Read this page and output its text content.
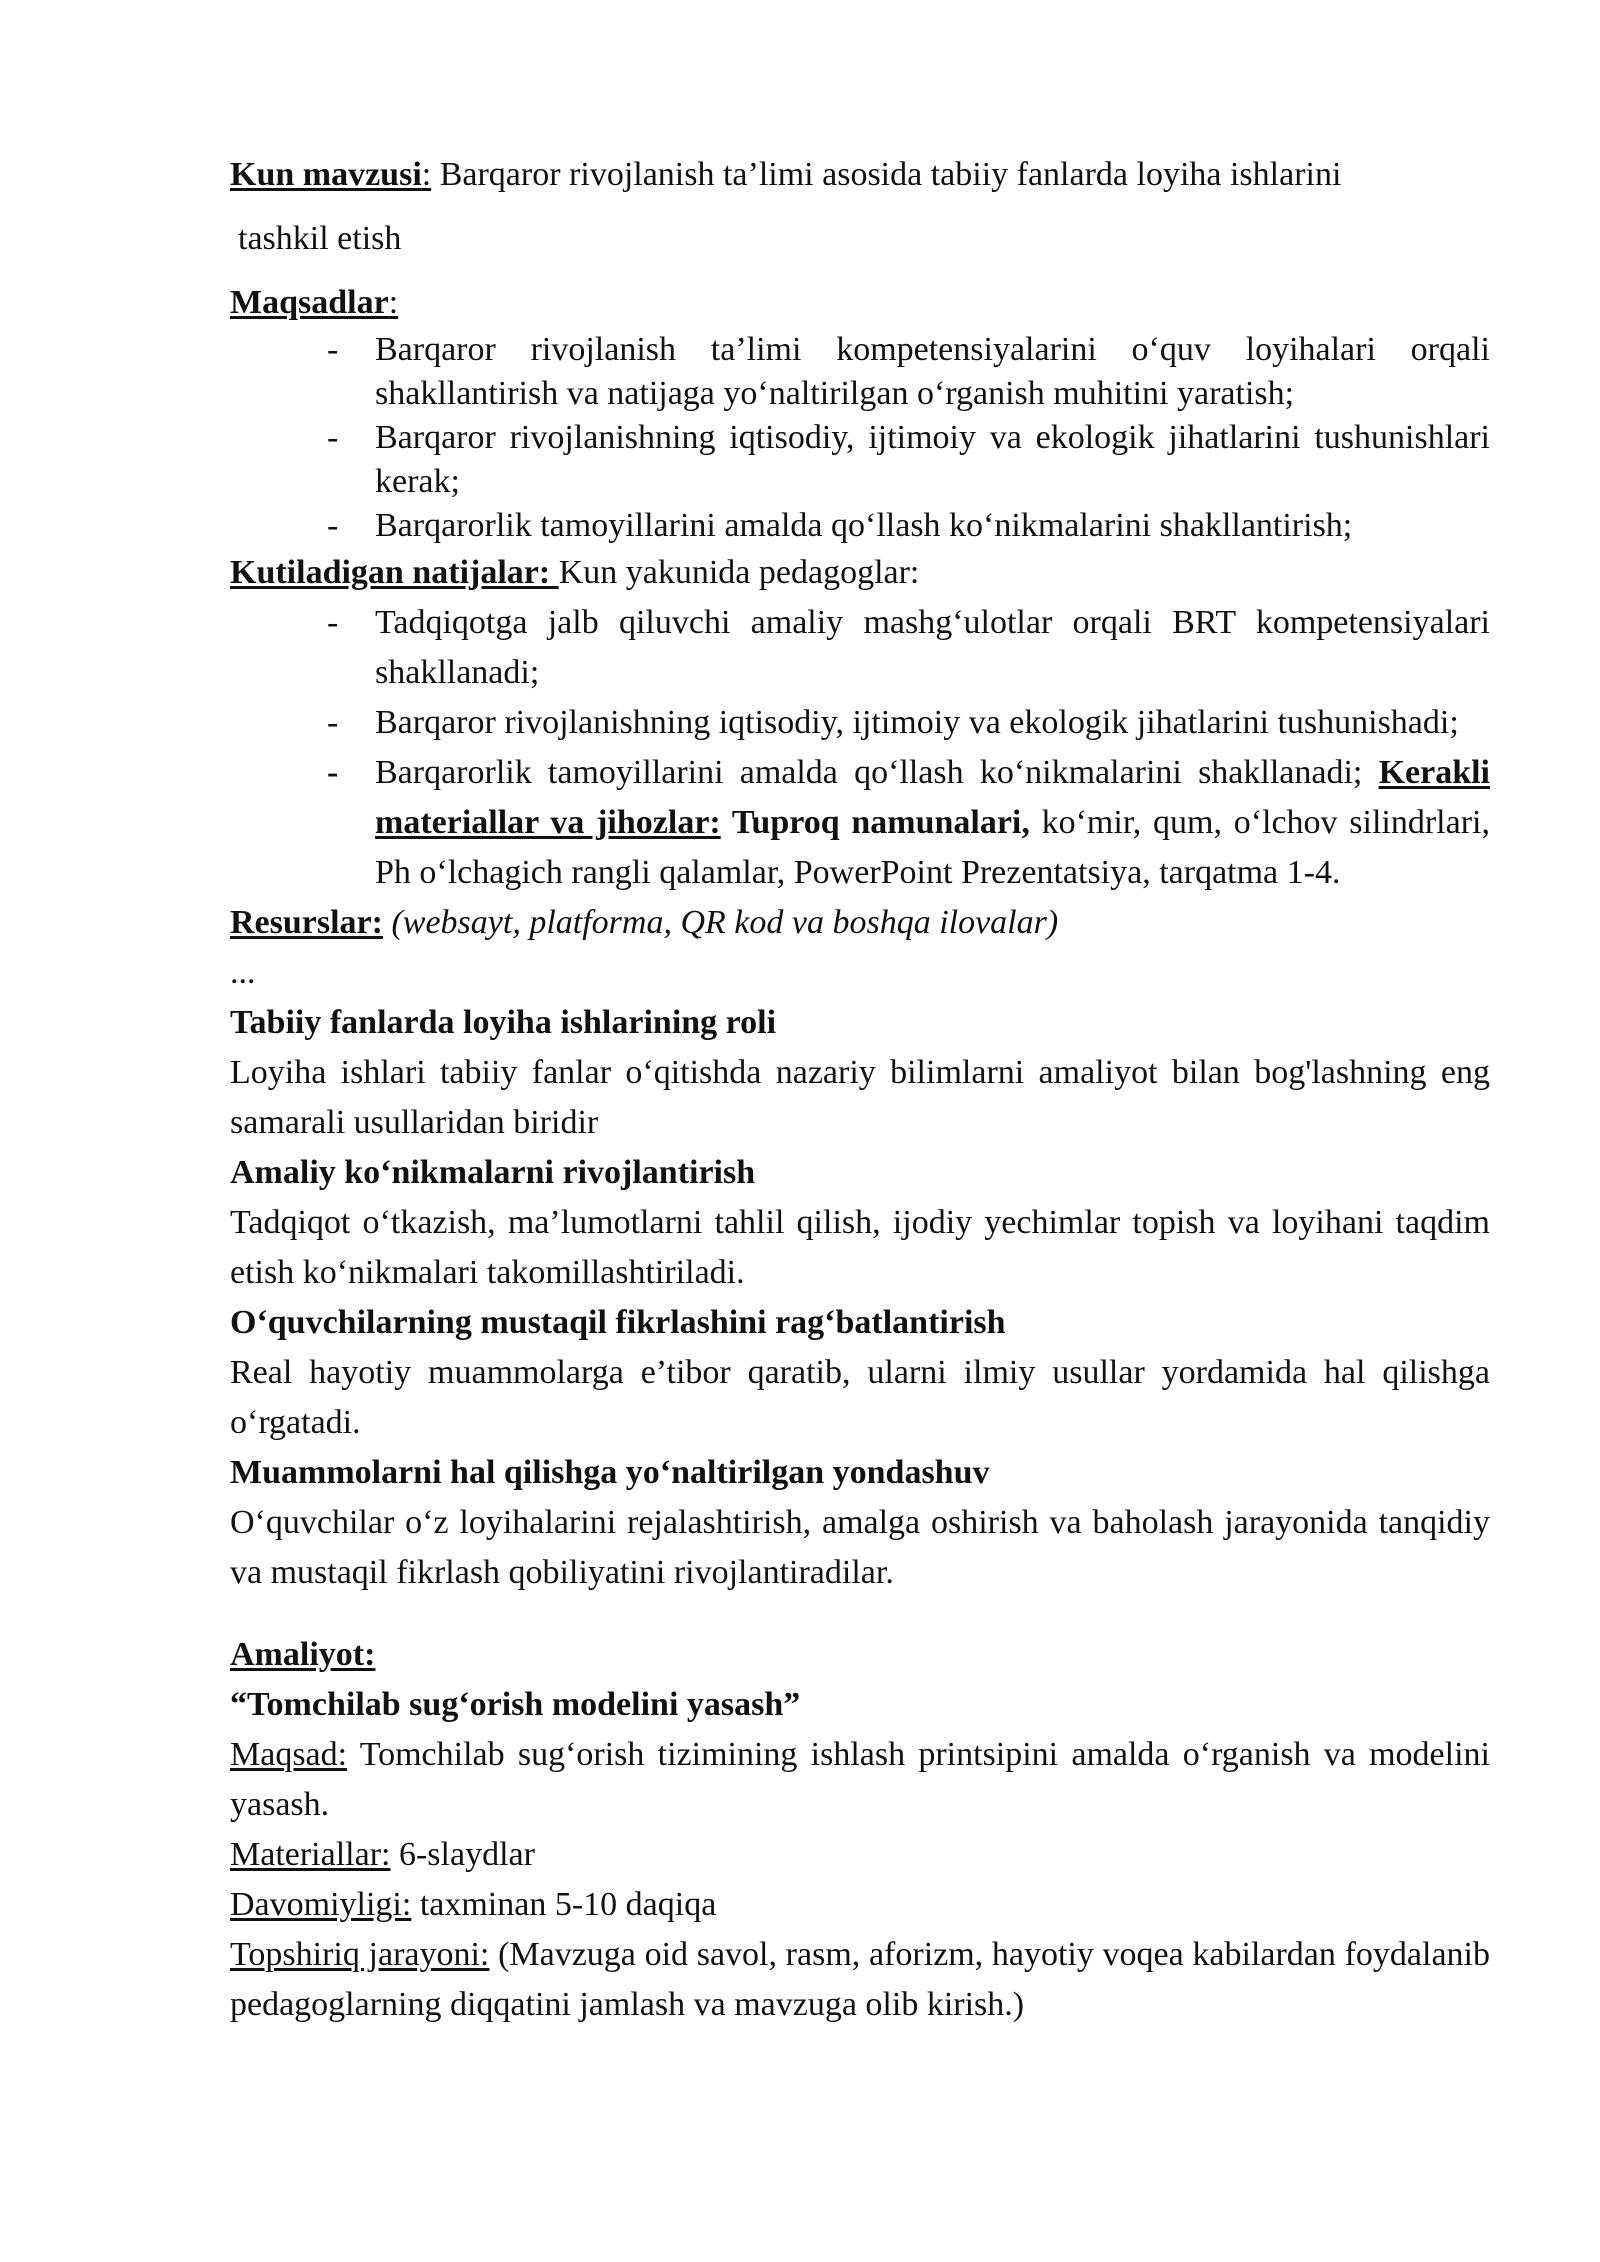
Kun mavzusi: Barqaror rivojlanish ta’limi asosida tabiiy fanlarda loyiha ishlarini

tashkil etish

Maqsadlar:

- Barqaror rivojlanish ta’limi kompetensiyalarini o‘quv loyihalari orqali shakllantirish va natijaga yo‘naltirilgan o‘rganish muhitini yaratish;
- Barqaror rivojlanishning iqtisodiy, ijtimoiy va ekologik jihatlarini tushunishlari kerak;
- Barqarorlik tamoyillarini amalda qo‘llash ko‘nikmalarini shakllantirish;

Kutiladigan natijalar: Kun yakunida pedagoglar:

- Tadqiqotga jalb qiluvchi amaliy mashg‘ulotlar orqali BRT kompetensiyalari shakllanadi;
- Barqaror rivojlanishning iqtisodiy, ijtimoiy va ekologik jihatlarini tushunishadi;
- Barqarorlik tamoyillarini amalda qo‘llash ko‘nikmalarini shakllanadi; Kerakli materiallar va jihozlar: Tuproq namunalari, ko‘mir, qum, o‘lchov silindrlari, Ph o‘lchagich rangli qalamlar, PowerPoint Prezentatsiya, tarqatma 1-4.

Resurslar: (websayt, platforma, QR kod va boshqa ilovalar)

...

Tabiiy fanlarda loyiha ishlarining roli

Loyiha ishlari tabiiy fanlar o‘qitishda nazariy bilimlarni amaliyot bilan bog'lashning eng samarali usullaridan biridir

Amaliy ko‘nikmalarni rivojlantirish

Tadqiqot o‘tkazish, ma’lumotlarni tahlil qilish, ijodiy yechimlar topish va loyihani taqdim etish ko‘nikmalari takomillashtiriladi.

O‘quvchilarning mustaqil fikrlashini rag‘batlantirish

Real hayotiy muammolarga e’tibor qaratib, ularni ilmiy usullar yordamida hal qilishga o‘rgatadi.

Muammolarni hal qilishga yo‘naltirilgan yondashuv

O‘quvchilar o‘z loyihalarini rejalashtirish, amalga oshirish va baholash jarayonida tanqidiy va mustaqil fikrlash qobiliyatini rivojlantiradilar.

Amaliyot:

“Tomchilab sug‘orish modelini yasash”

Maqsad: Tomchilab sug‘orish tizimining ishlash printsipini amalda o‘rganish va modelini yasash.

Materiallar: 6-slaydlar

Davomiyligi: taxminan 5-10 daqiqa

Topshiriq jarayoni: (Mavzuga oid savol, rasm, aforizm, hayotiy voqea kabilardan foydalanib pedagoglarning diqqatini jamlash va mavzuga olib kirish.)
